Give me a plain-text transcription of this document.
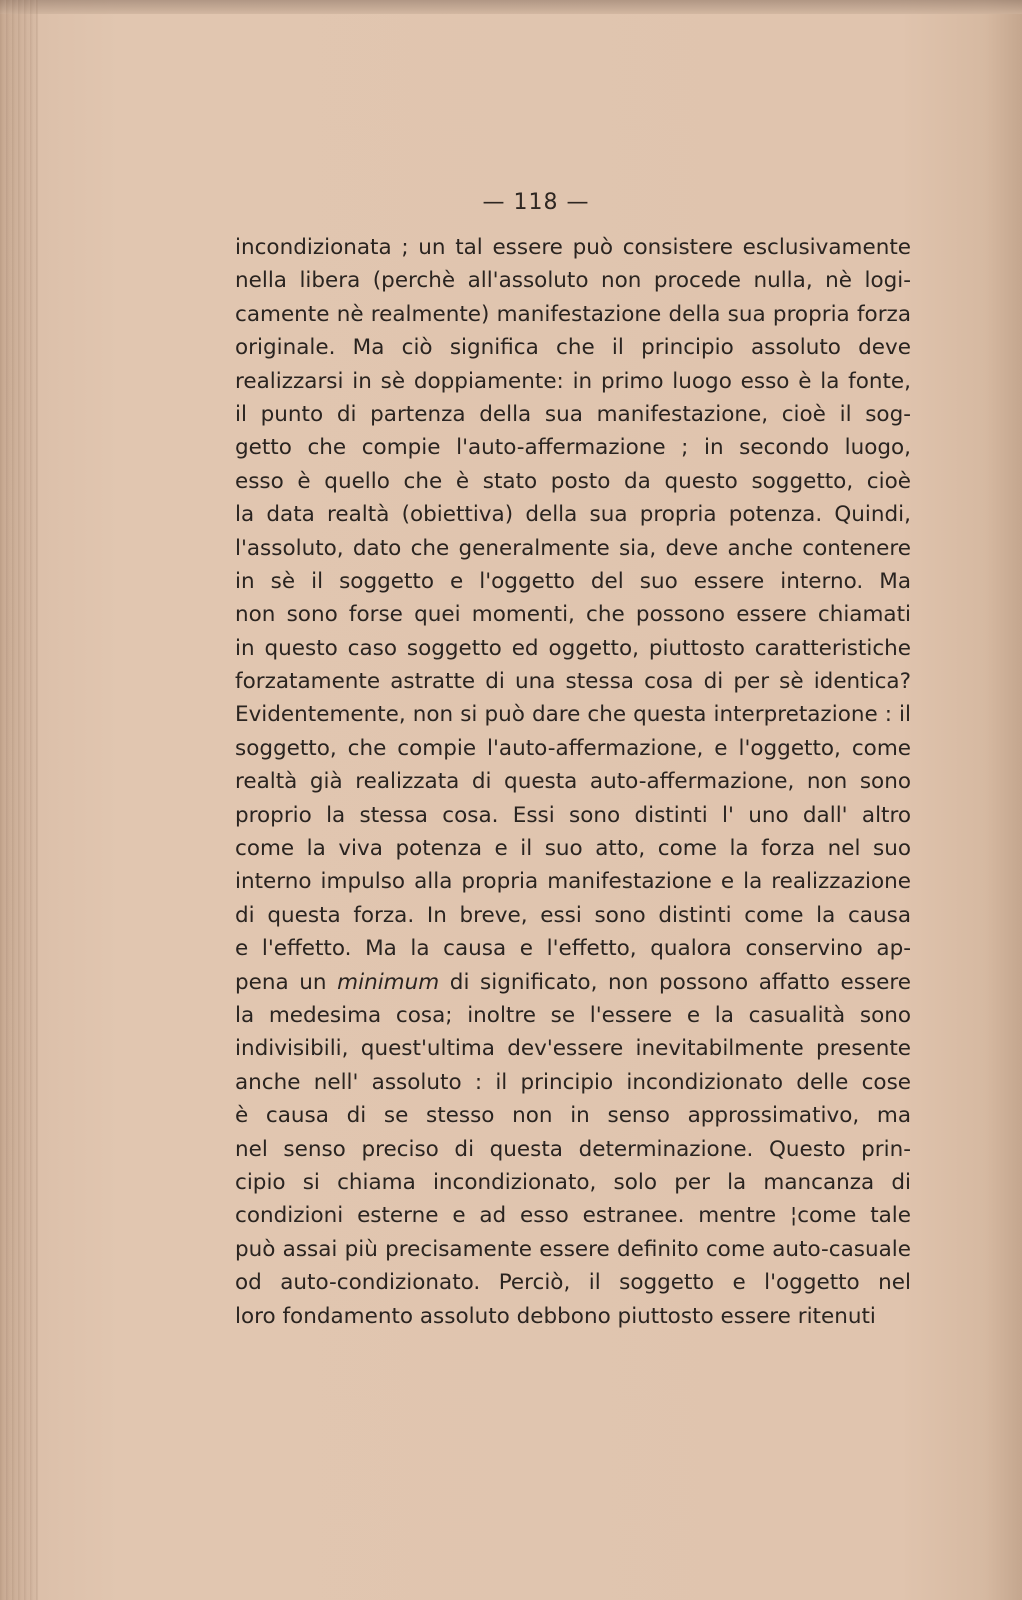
— 118 —
incondizionata ; un tal essere può consistere esclusivamente
nella libera (perchè all'assoluto non procede nulla, nè logi-
camente nè realmente) manifestazione della sua propria forza
originale. Ma ciò significa che il principio assoluto deve
realizzarsi in sè doppiamente: in primo luogo esso è la fonte,
il punto di partenza della sua manifestazione, cioè il sog-
getto che compie l'auto-affermazione ; in secondo luogo,
esso è quello che è stato posto da questo soggetto, cioè
la data realtà (obiettiva) della sua propria potenza. Quindi,
l'assoluto, dato che generalmente sia, deve anche contenere
in sè il soggetto e l'oggetto del suo essere interno. Ma
non sono forse quei momenti, che possono essere chiamati
in questo caso soggetto ed oggetto, piuttosto caratteristiche
forzatamente astratte di una stessa cosa di per sè identica?
Evidentemente, non si può dare che questa interpretazione : il
soggetto, che compie l'auto-affermazione, e l'oggetto, come
realtà già realizzata di questa auto-affermazione, non sono
proprio la stessa cosa. Essi sono distinti l' uno dall' altro
come la viva potenza e il suo atto, come la forza nel suo
interno impulso alla propria manifestazione e la realizzazione
di questa forza. In breve, essi sono distinti come la causa
e l'effetto. Ma la causa e l'effetto, qualora conservino ap-
pena un minimum di significato, non possono affatto essere
la medesima cosa; inoltre se l'essere e la casualità sono
indivisibili, quest'ultima dev'essere inevitabilmente presente
anche nell' assoluto : il principio incondizionato delle cose
è causa di se stesso non in senso approssimativo, ma
nel senso preciso di questa determinazione. Questo prin-
cipio si chiama incondizionato, solo per la mancanza di
condizioni esterne e ad esso estranee. mentre ¦come tale
può assai più precisamente essere definito come auto-casuale
od auto-condizionato. Perciò, il soggetto e l'oggetto nel
loro fondamento assoluto debbono piuttosto essere ritenuti
